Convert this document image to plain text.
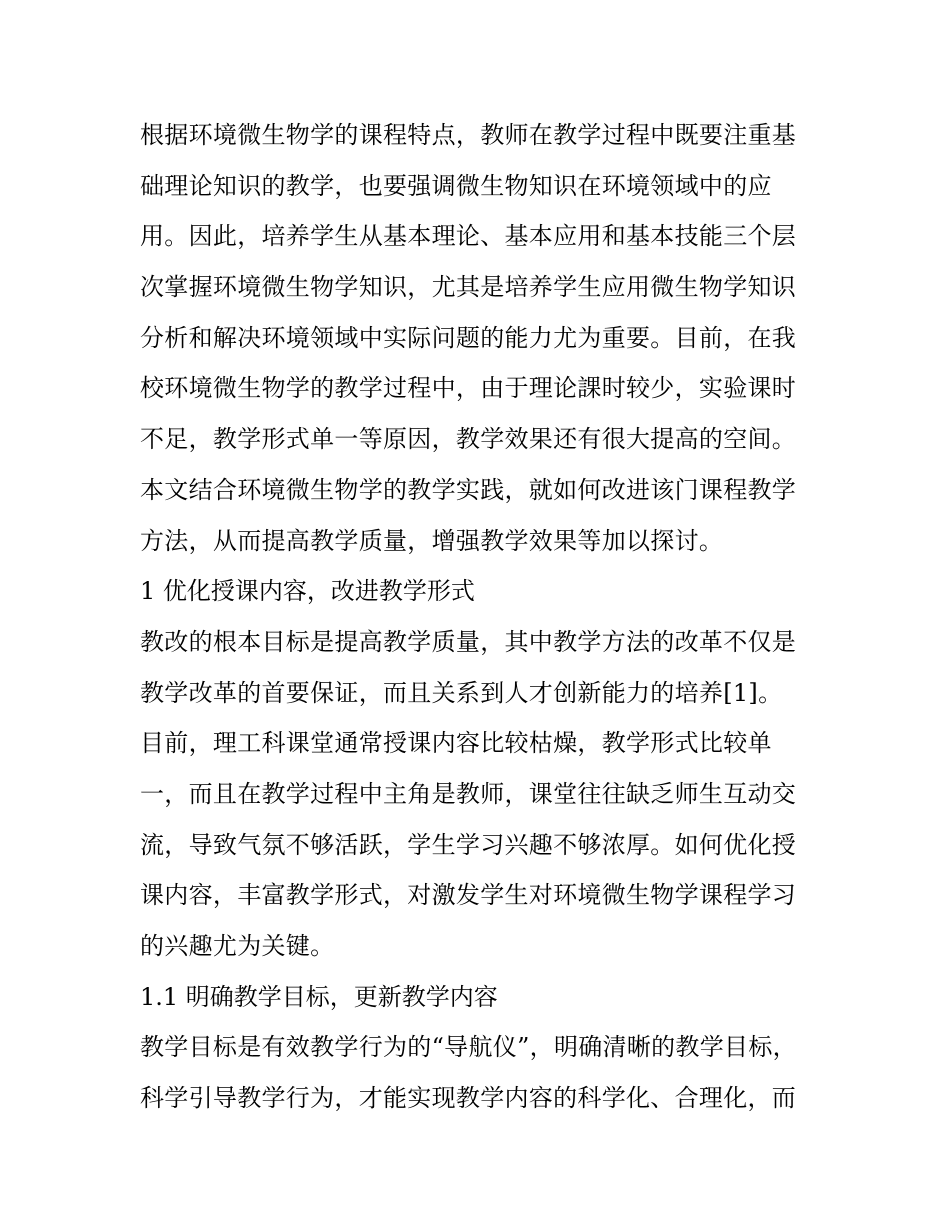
根据环境微生物学的课程特点，教师在教学过程中既要注重基
础理论知识的教学，也要强调微生物知识在环境领域中的应
用。因此，培养学生从基本理论、基本应用和基本技能三个层
次掌握环境微生物学知识，尤其是培养学生应用微生物学知识
分析和解决环境领域中实际问题的能力尤为重要。目前，在我
校环境微生物学的教学过程中，由于理论課时较少，实验课时
不足，教学形式单一等原因，教学效果还有很大提高的空间。
本文结合环境微生物学的教学实践，就如何改进该门课程教学
方法，从而提高教学质量，增强教学效果等加以探讨。
1 优化授课内容，改进教学形式
教改的根本目标是提高教学质量，其中教学方法的改革不仅是
教学改革的首要保证，而且关系到人才创新能力的培养[1]。
目前，理工科课堂通常授课内容比较枯燥，教学形式比较单
一，而且在教学过程中主角是教师，课堂往往缺乏师生互动交
流，导致气氛不够活跃，学生学习兴趣不够浓厚。如何优化授
课内容，丰富教学形式，对激发学生对环境微生物学课程学习
的兴趣尤为关键。
1.1 明确教学目标，更新教学内容
教学目标是有效教学行为的“导航仪”，明确清晰的教学目标，
科学引导教学行为，才能实现教学内容的科学化、合理化，而
